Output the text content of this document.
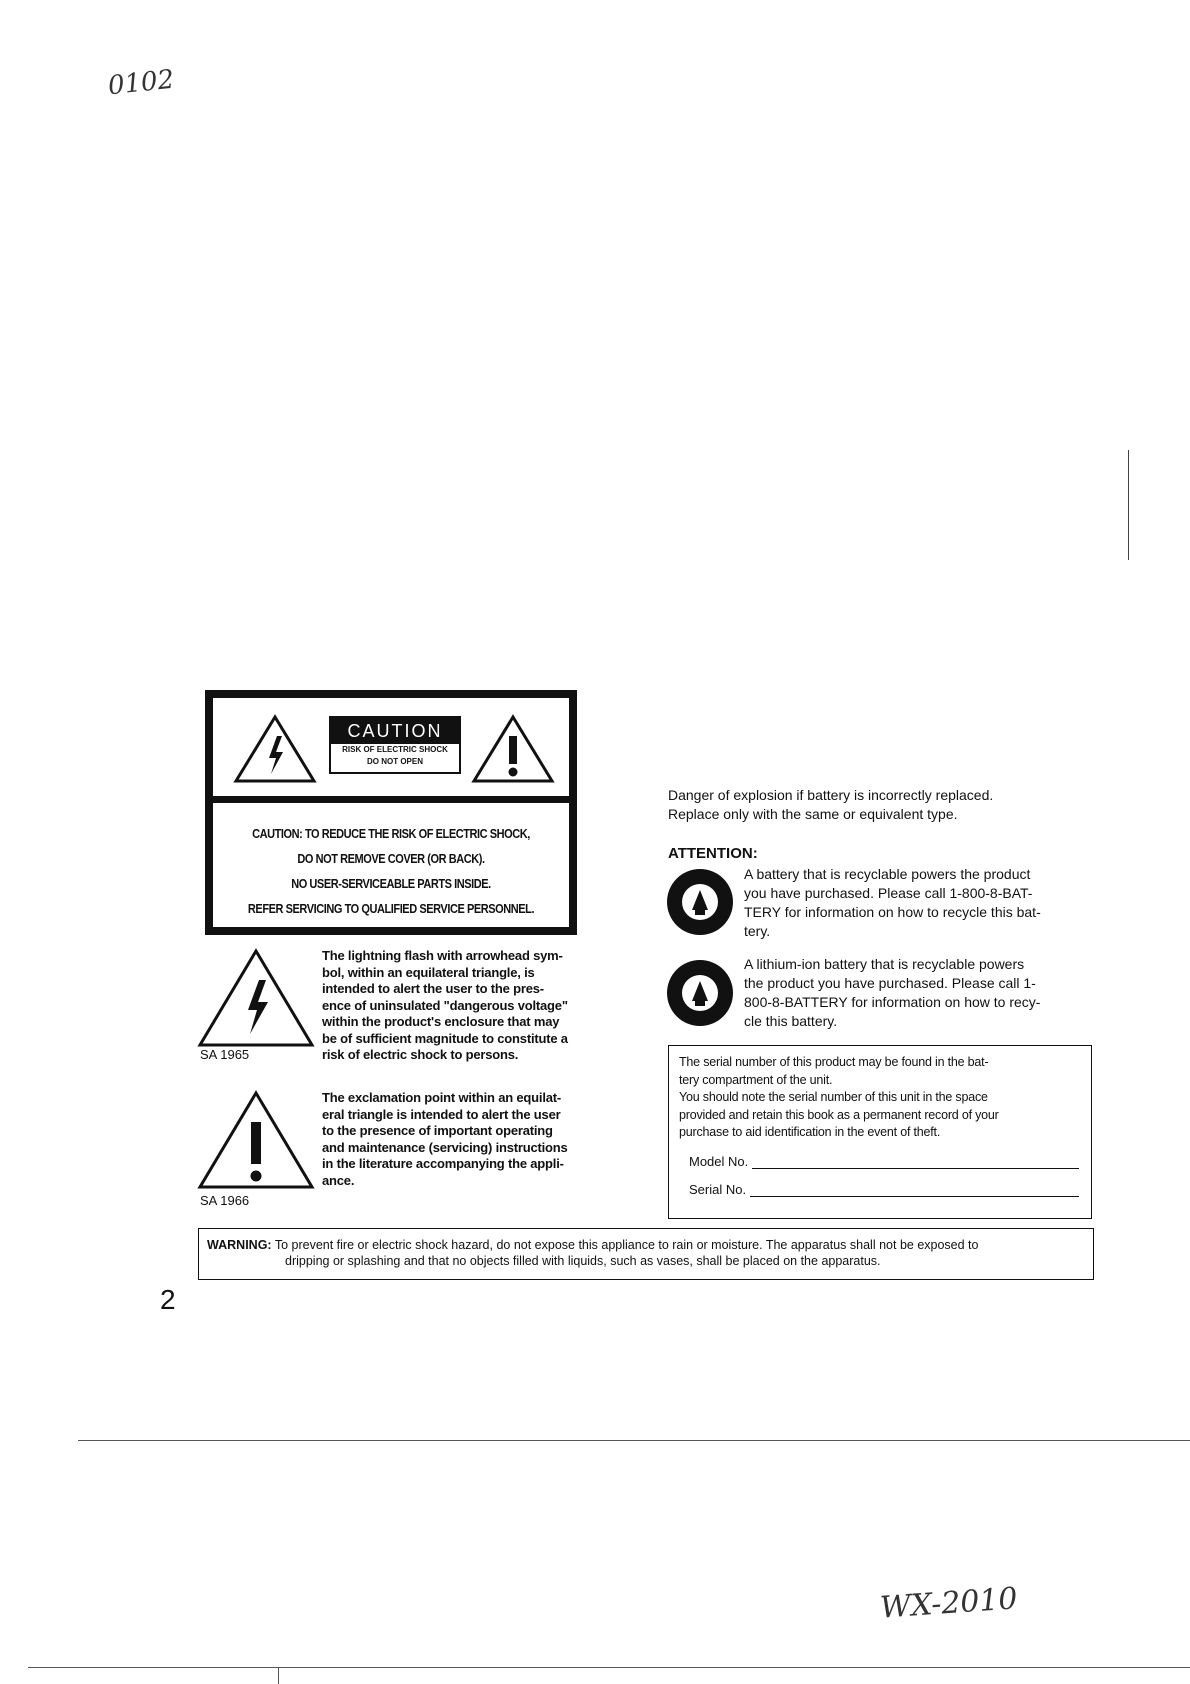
0102
WX-2010
CAUTION
RISK OF ELECTRIC SHOCK
DO NOT OPEN
CAUTION: TO REDUCE THE RISK OF ELECTRIC SHOCK,
DO NOT REMOVE COVER (OR BACK).
NO USER-SERVICEABLE PARTS INSIDE.
REFER SERVICING TO QUALIFIED SERVICE PERSONNEL.
SA 1965
The lightning flash with arrowhead sym-
bol, within an equilateral triangle, is
intended to alert the user to the pres-
ence of uninsulated "dangerous voltage"
within the product's enclosure that may
be of sufficient magnitude to constitute a
risk of electric shock to persons.
SA 1966
The exclamation point within an equilat-
eral triangle is intended to alert the user
to the presence of important operating
and maintenance (servicing) instructions
in the literature accompanying the appli-
ance.
Danger of explosion if battery is incorrectly replaced.
Replace only with the same or equivalent type.
ATTENTION:
A battery that is recyclable powers the product
you have purchased. Please call 1-800-8-BAT-
TERY for information on how to recycle this bat-
tery.
A lithium-ion battery that is recyclable powers
the product you have purchased. Please call 1-
800-8-BATTERY for information on how to recy-
cle this battery.
The serial number of this product may be found in the bat-
tery compartment of the unit.
You should note the serial number of this unit in the space
provided and retain this book as a permanent record of your
purchase to aid identification in the event of theft.
Model No.
Serial No.
WARNING: To prevent fire or electric shock hazard, do not expose this appliance to rain or moisture. The apparatus shall not be exposed to
dripping or splashing and that no objects filled with liquids, such as vases, shall be placed on the apparatus.
2
